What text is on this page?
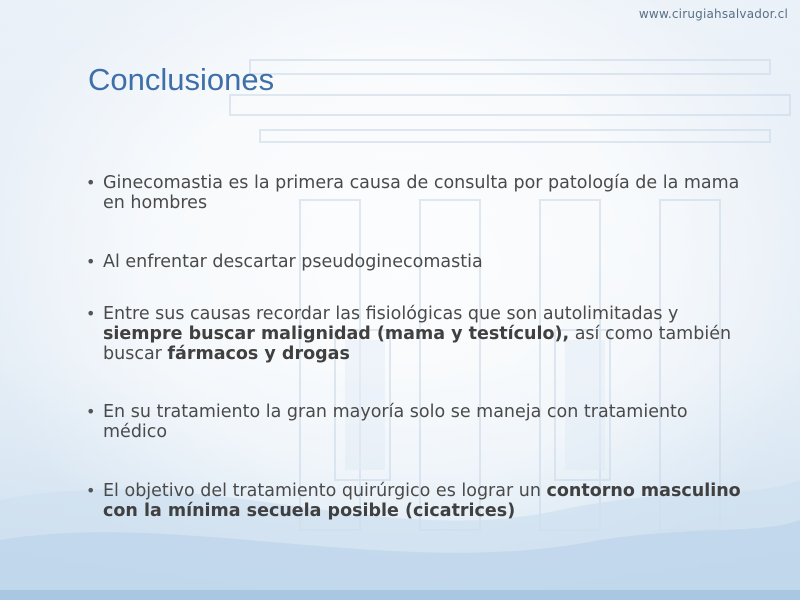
www.cirugiahsalvador.cl
Conclusiones
• Ginecomastia es la primera causa de consulta por patología de la mama en hombres
• Al enfrentar descartar pseudoginecomastia
• Entre sus causas recordar las fisiológicas que son autolimitadas y siempre buscar malignidad (mama y testículo), así como también buscar fármacos y drogas
• En su tratamiento la gran mayoría solo se maneja con tratamiento médico
• El objetivo del tratamiento quirúrgico es lograr un contorno masculino con la mínima secuela posible (cicatrices)
